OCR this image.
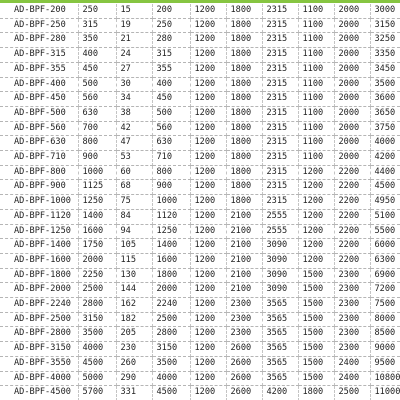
AD-BPF-200	250	15	200	1200	1800	2315	1100	2000	3000
AD-BPF-250	315	19	250	1200	1800	2315	1100	2000	3150
AD-BPF-280	350	21	280	1200	1800	2315	1100	2000	3250
AD-BPF-315	400	24	315	1200	1800	2315	1100	2000	3350
AD-BPF-355	450	27	355	1200	1800	2315	1100	2000	3450
AD-BPF-400	500	30	400	1200	1800	2315	1100	2000	3500
AD-BPF-450	560	34	450	1200	1800	2315	1100	2000	3600
AD-BPF-500	630	38	500	1200	1800	2315	1100	2000	3650
AD-BPF-560	700	42	560	1200	1800	2315	1100	2000	3750
AD-BPF-630	800	47	630	1200	1800	2315	1100	2000	4000
AD-BPF-710	900	53	710	1200	1800	2315	1100	2000	4200
AD-BPF-800	1000	60	800	1200	1800	2315	1200	2200	4400
AD-BPF-900	1125	68	900	1200	1800	2315	1200	2200	4500
AD-BPF-1000	1250	75	1000	1200	1800	2315	1200	2200	4950
AD-BPF-1120	1400	84	1120	1200	2100	2555	1200	2200	5100
AD-BPF-1250	1600	94	1250	1200	2100	2555	1200	2200	5500
AD-BPF-1400	1750	105	1400	1200	2100	3090	1200	2200	6000
AD-BPF-1600	2000	115	1600	1200	2100	3090	1200	2200	6300
AD-BPF-1800	2250	130	1800	1200	2100	3090	1500	2300	6900
AD-BPF-2000	2500	144	2000	1200	2100	3090	1500	2300	7200
AD-BPF-2240	2800	162	2240	1200	2300	3565	1500	2300	7500
AD-BPF-2500	3150	182	2500	1200	2300	3565	1500	2300	8000
AD-BPF-2800	3500	205	2800	1200	2300	3565	1500	2300	8500
AD-BPF-3150	4000	230	3150	1200	2600	3565	1500	2300	9000
AD-BPF-3550	4500	260	3500	1200	2600	3565	1500	2400	9500
AD-BPF-4000	5000	290	4000	1200	2600	3565	1500	2400	10800
AD-BPF-4500	5700	331	4500	1200	2600	4200	1800	2500	11000
